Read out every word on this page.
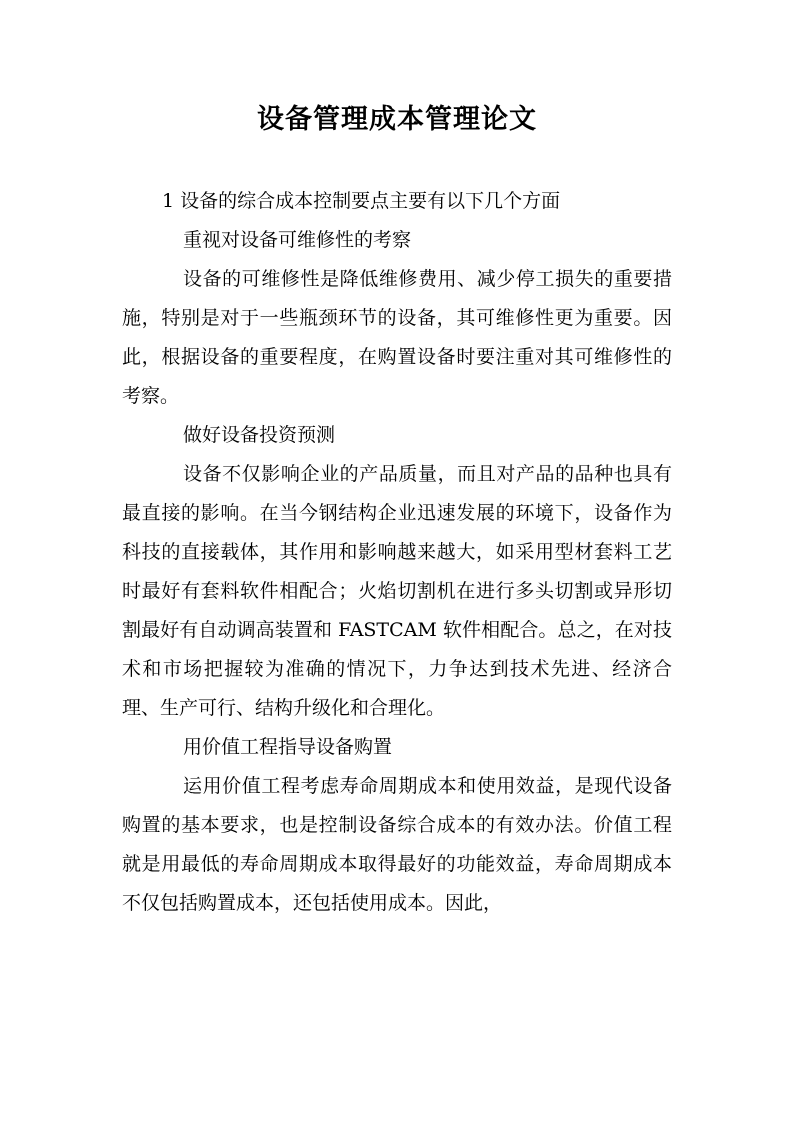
设备管理成本管理论文

1 设备的综合成本控制要点主要有以下几个方面

重视对设备可维修性的考察

设备的可维修性是降低维修费用、减少停工损失的重要措施，特别是对于一些瓶颈环节的设备，其可维修性更为重要。因此，根据设备的重要程度，在购置设备时要注重对其可维修性的考察。

做好设备投资预测

设备不仅影响企业的产品质量，而且对产品的品种也具有最直接的影响。在当今钢结构企业迅速发展的环境下，设备作为科技的直接载体，其作用和影响越来越大，如采用型材套料工艺时最好有套料软件相配合；火焰切割机在进行多头切割或异形切割最好有自动调高装置和 FASTCAM 软件相配合。总之，在对技术和市场把握较为准确的情况下，力争达到技术先进、经济合理、生产可行、结构升级化和合理化。

用价值工程指导设备购置

运用价值工程考虑寿命周期成本和使用效益，是现代设备购置的基本要求，也是控制设备综合成本的有效办法。价值工程就是用最低的寿命周期成本取得最好的功能效益，寿命周期成本不仅包括购置成本，还包括使用成本。因此，
